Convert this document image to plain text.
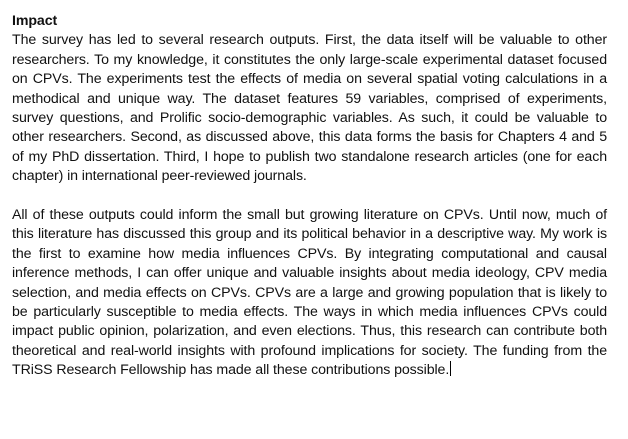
Impact

The survey has led to several research outputs. First, the data itself will be valuable to other researchers. To my knowledge, it constitutes the only large-scale experimental dataset focused on CPVs. The experiments test the effects of media on several spatial voting calculations in a methodical and unique way. The dataset features 59 variables, comprised of experiments, survey questions, and Prolific socio-demographic variables. As such, it could be valuable to other researchers. Second, as discussed above, this data forms the basis for Chapters 4 and 5 of my PhD dissertation. Third, I hope to publish two standalone research articles (one for each chapter) in international peer-reviewed journals.

All of these outputs could inform the small but growing literature on CPVs. Until now, much of this literature has discussed this group and its political behavior in a descriptive way. My work is the first to examine how media influences CPVs. By integrating computational and causal inference methods, I can offer unique and valuable insights about media ideology, CPV media selection, and media effects on CPVs. CPVs are a large and growing population that is likely to be particularly susceptible to media effects. The ways in which media influences CPVs could impact public opinion, polarization, and even elections. Thus, this research can contribute both theoretical and real-world insights with profound implications for society. The funding from the TRiSS Research Fellowship has made all these contributions possible.
